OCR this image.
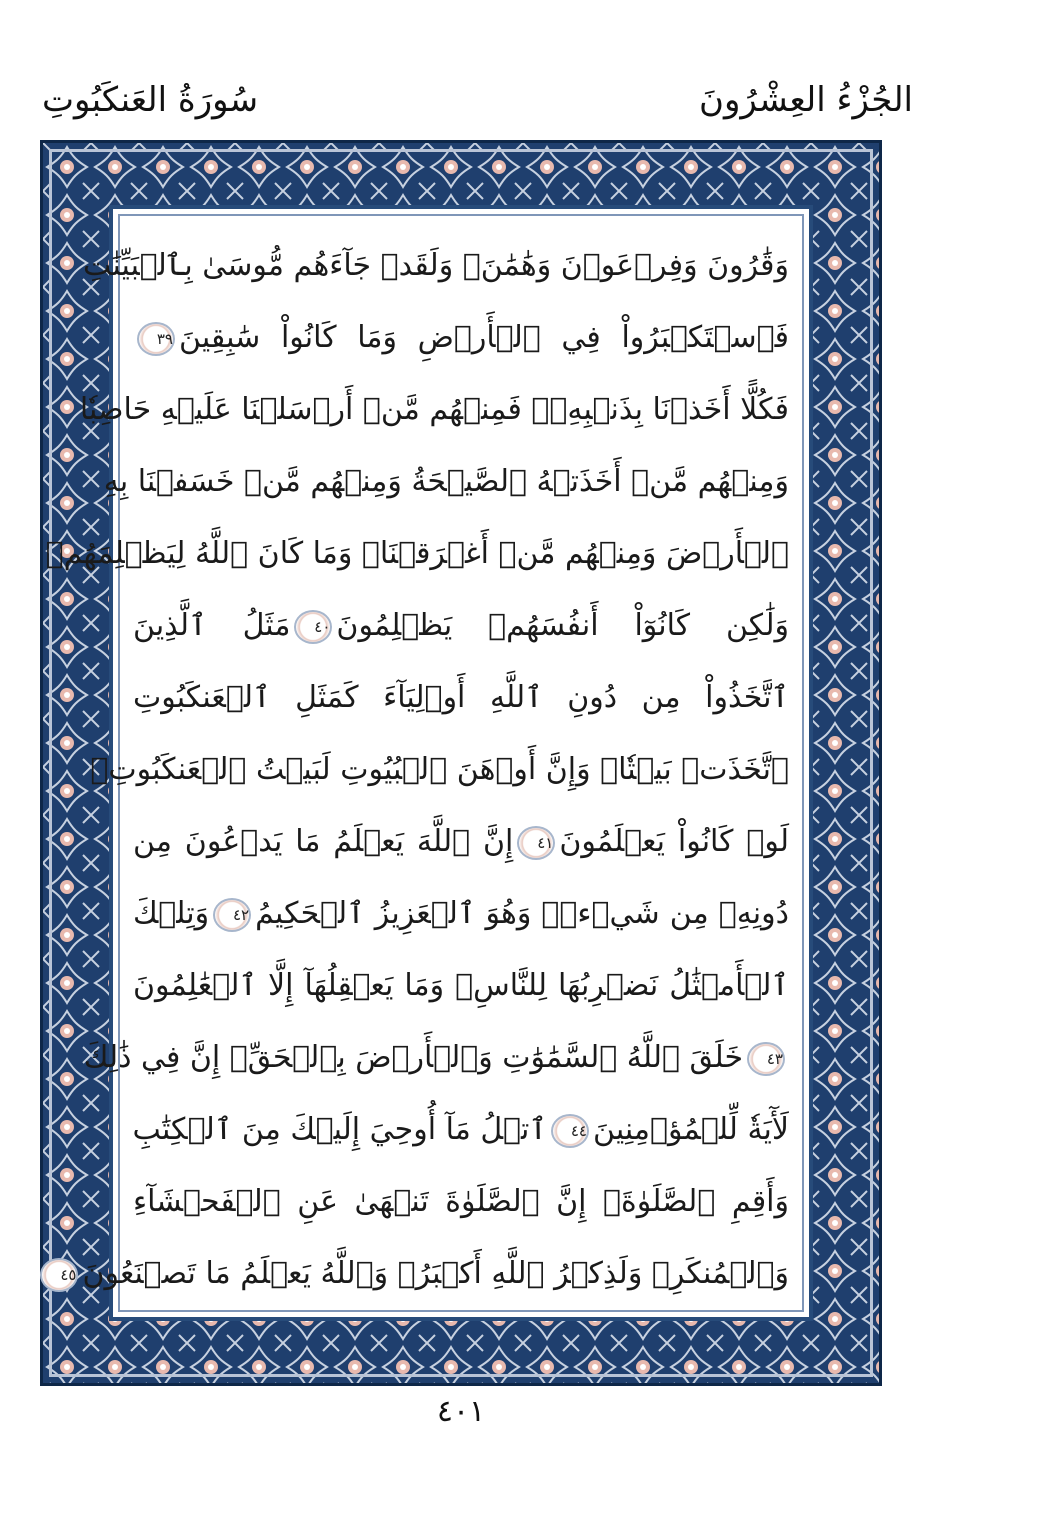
الجُزْءُ العِشْرُونَ
سُورَةُ العَنكَبُوتِ
وَقَٰرُونَ وَفِرۡعَوۡنَ وَهَٰمَٰنَۖ وَلَقَدۡ جَآءَهُم مُّوسَىٰ بِٱلۡبَيِّنَٰتِ
فَٱسۡتَكۡبَرُواْ فِي ٱلۡأَرۡضِ وَمَا كَانُواْ سَٰبِقِينَ٣٩
فَكُلًّا أَخَذۡنَا بِذَنۢبِهِۦۖ فَمِنۡهُم مَّنۡ أَرۡسَلۡنَا عَلَيۡهِ حَاصِبٗا
وَمِنۡهُم مَّنۡ أَخَذَتۡهُ ٱلصَّيۡحَةُ وَمِنۡهُم مَّنۡ خَسَفۡنَا بِهِ
ٱلۡأَرۡضَ وَمِنۡهُم مَّنۡ أَغۡرَقۡنَاۚ وَمَا كَانَ ٱللَّهُ لِيَظۡلِمَهُمۡ
وَلَٰكِن كَانُوٓاْ أَنفُسَهُمۡ يَظۡلِمُونَ٤٠مَثَلُ ٱلَّذِينَ
ٱتَّخَذُواْ مِن دُونِ ٱللَّهِ أَوۡلِيَآءَ كَمَثَلِ ٱلۡعَنكَبُوتِ
ٱتَّخَذَتۡ بَيۡتٗاۖ وَإِنَّ أَوۡهَنَ ٱلۡبُيُوتِ لَبَيۡتُ ٱلۡعَنكَبُوتِۚ
لَوۡ كَانُواْ يَعۡلَمُونَ٤١إِنَّ ٱللَّهَ يَعۡلَمُ مَا يَدۡعُونَ مِن
دُونِهِۦ مِن شَيۡءٖۚ وَهُوَ ٱلۡعَزِيزُ ٱلۡحَكِيمُ٤٢وَتِلۡكَ
ٱلۡأَمۡثَٰلُ نَضۡرِبُهَا لِلنَّاسِۖ وَمَا يَعۡقِلُهَآ إِلَّا ٱلۡعَٰلِمُونَ
٤٣خَلَقَ ٱللَّهُ ٱلسَّمَٰوَٰتِ وَٱلۡأَرۡضَ بِٱلۡحَقِّۚ إِنَّ فِي ذَٰلِكَ
لَأٓيَةٗ لِّلۡمُؤۡمِنِينَ٤٤ٱتۡلُ مَآ أُوحِيَ إِلَيۡكَ مِنَ ٱلۡكِتَٰبِ
وَأَقِمِ ٱلصَّلَوٰةَۖ إِنَّ ٱلصَّلَوٰةَ تَنۡهَىٰ عَنِ ٱلۡفَحۡشَآءِ
وَٱلۡمُنكَرِۗ وَلَذِكۡرُ ٱللَّهِ أَكۡبَرُۗ وَٱللَّهُ يَعۡلَمُ مَا تَصۡنَعُونَ٤٥
٤٠١
